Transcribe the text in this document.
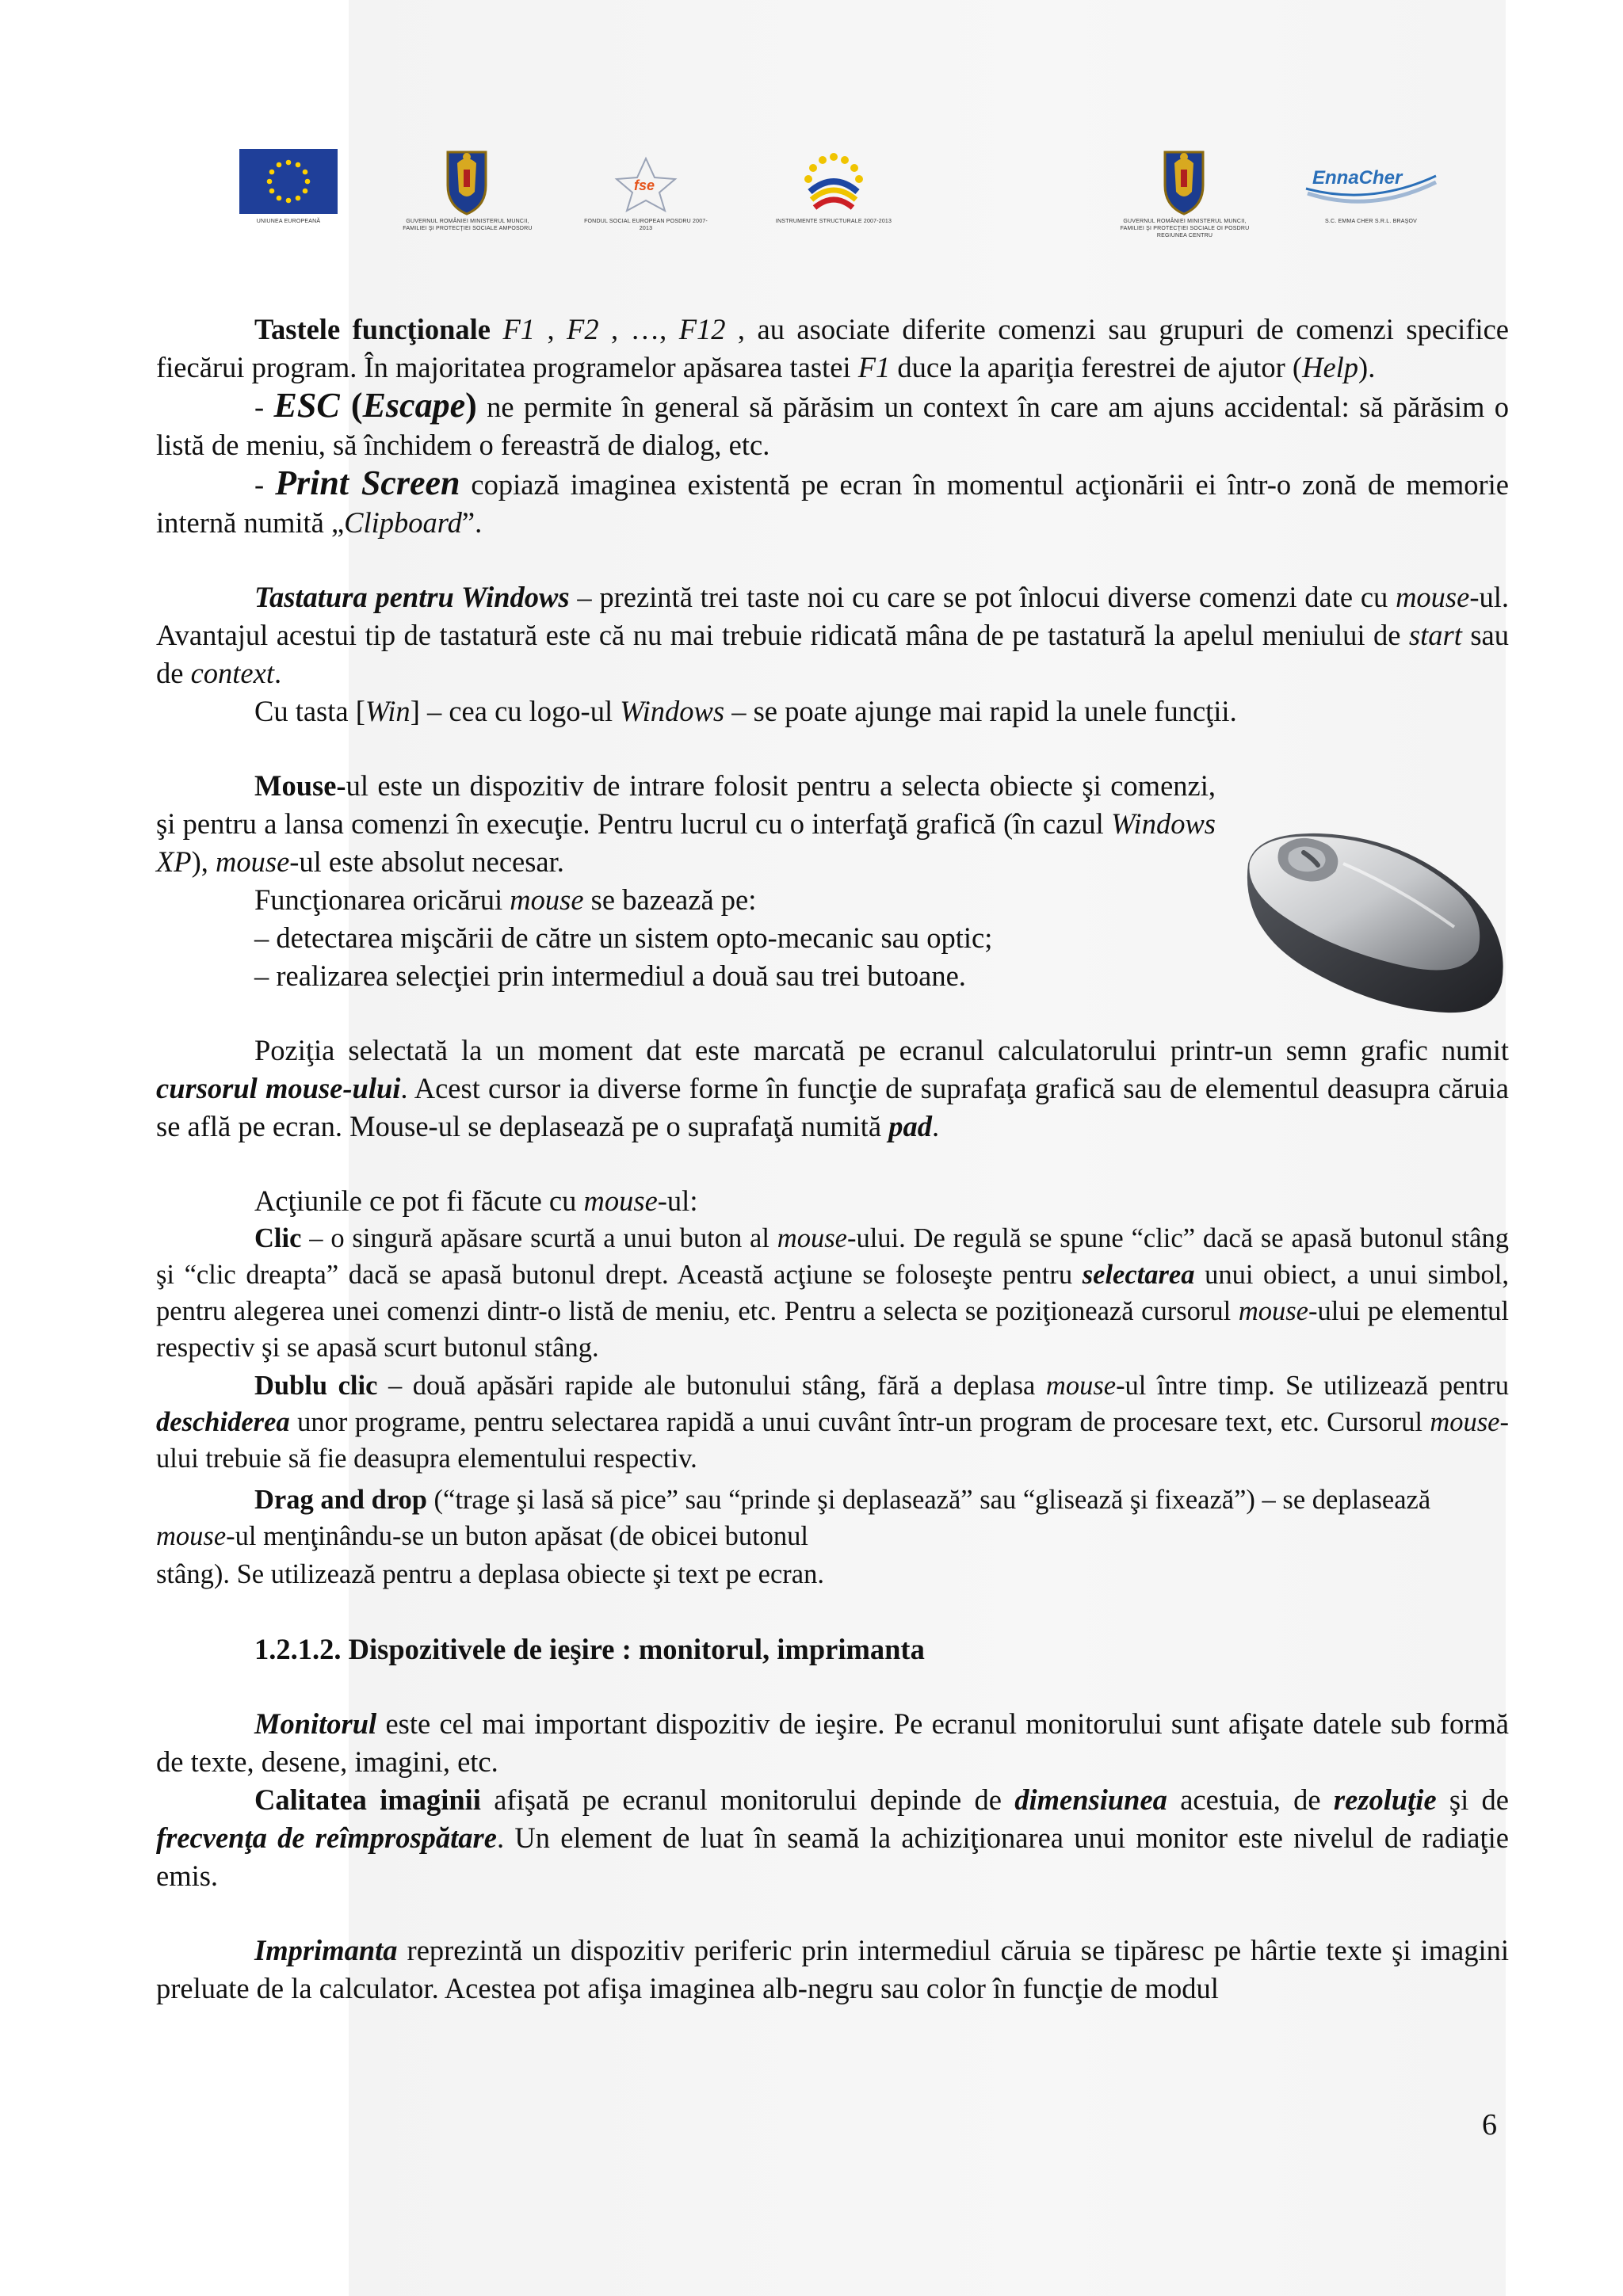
UNIUNEA EUROPEANĂ	GUVERNUL ROMÂNIEI MINISTERUL MUNCII, FAMILIEI ŞI PROTECŢIEI SOCIALE AMPOSDRU
fse
FONDUL SOCIAL EUROPEAN POSDRU 2007-2013
INSTRUMENTE STRUCTURALE 2007-2013	GUVERNUL ROMÂNIEI MINISTERUL MUNCII, FAMILIEI ŞI PROTECŢIEI SOCIALE OI POSDRU REGIUNEA CENTRU
EnnaCher
S.C. EMMA CHER S.R.L. BRAŞOV

Tastele funcţionale F1 , F2 , …, F12 , au asociate diferite comenzi sau grupuri de comenzi specifice fiecărui program. În majoritatea programelor apăsarea tastei F1 duce la apariţia ferestrei de ajutor (Help).

- ESC (Escape) ne permite în general să părăsim un context în care am ajuns accidental: să părăsim o listă de meniu, să închidem o fereastră de dialog, etc.

- Print Screen copiază imaginea existentă pe ecran în momentul acţionării ei într-o zonă de memorie internă numită „Clipboard”.

Tastatura pentru Windows – prezintă trei taste noi cu care se pot înlocui diverse comenzi date cu mouse-ul. Avantajul acestui tip de tastatură este că nu mai trebuie ridicată mâna de pe tastatură la apelul meniului de start sau de context.

Cu tasta [Win] – cea cu logo-ul Windows – se poate ajunge mai rapid la unele funcţii.

Mouse-ul este un dispozitiv de intrare folosit pentru a selecta obiecte şi comenzi, şi pentru a lansa comenzi în execuţie. Pentru lucrul cu o interfaţă grafică (în cazul Windows XP), mouse-ul este absolut necesar.

Funcţionarea oricărui mouse se bazează pe:

– detectarea mişcării de către un sistem opto-mecanic sau optic;

– realizarea selecţiei prin intermediul a două sau trei butoane.

Poziţia selectată la un moment dat este marcată pe ecranul calculatorului printr-un semn grafic numit cursorul mouse-ului. Acest cursor ia diverse forme în funcţie de suprafaţa grafică sau de elementul deasupra căruia se află pe ecran. Mouse-ul se deplasează pe o suprafaţă numită pad.

Acţiunile ce pot fi făcute cu mouse-ul:

Clic – o singură apăsare scurtă a unui buton al mouse-ului. De regulă se spune “clic” dacă se apasă butonul stâng şi “clic dreapta” dacă se apasă butonul drept. Această acţiune se foloseşte pentru selectarea unui obiect, a unui simbol, pentru alegerea unei comenzi dintr-o listă de meniu, etc. Pentru a selecta se poziţionează cursorul mouse-ului pe elementul respectiv şi se apasă scurt butonul stâng.

Dublu clic – două apăsări rapide ale butonului stâng, fără a deplasa mouse-ul între timp. Se utilizează pentru deschiderea unor programe, pentru selectarea rapidă a unui cuvânt într-un program de procesare text, etc. Cursorul mouse-ului trebuie să fie deasupra elementului respectiv.

Drag and drop (“trage şi lasă să pice” sau “prinde şi deplasează” sau “glisează şi fixează”) – se deplasează mouse-ul menţinându-se un buton apăsat (de obicei butonul

stâng). Se utilizează pentru a deplasa obiecte şi text pe ecran.

1.2.1.2. Dispozitivele de ieşire : monitorul, imprimanta

Monitorul este cel mai important dispozitiv de ieşire. Pe ecranul monitorului sunt afişate datele sub formă de texte, desene, imagini, etc.

Calitatea imaginii afişată pe ecranul monitorului depinde de dimensiunea acestuia, de rezoluţie şi de frecvenţa de reîmprospătare. Un element de luat în seamă la achiziţionarea unui monitor este nivelul de radiaţie emis.

Imprimanta reprezintă un dispozitiv periferic prin intermediul căruia se tipăresc pe hârtie texte şi imagini preluate de la calculator. Acestea pot afişa imaginea alb-negru sau color în funcţie de modul

6
